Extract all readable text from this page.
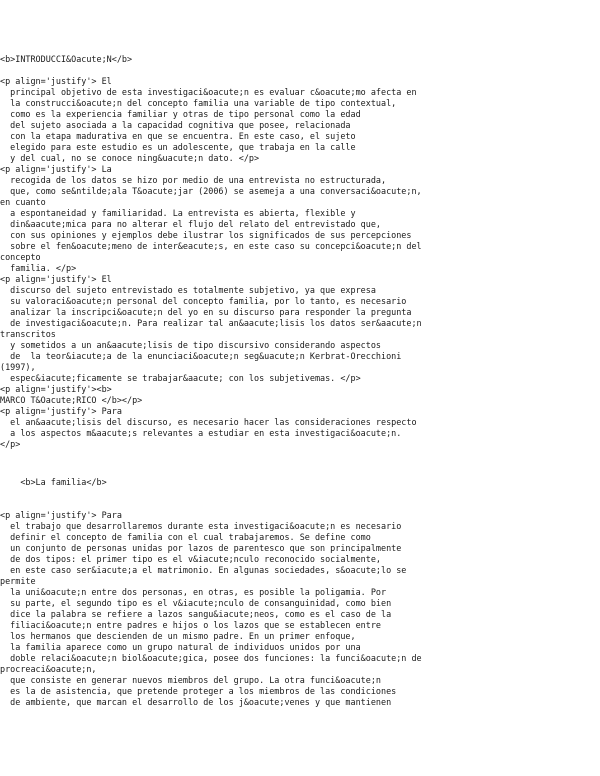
<b>INTRODUCCI&Oacute;N</b>
<p align='justify'> El
principal objetivo de esta investigaci&oacute;n es evaluar c&oacute;mo afecta en
la construcci&oacute;n del concepto familia una variable de tipo contextual,
como es la experiencia familiar y otras de tipo personal como la edad
del sujeto asociada a la capacidad cognitiva que posee, relacionada
con la etapa madurativa en que se encuentra. En este caso, el sujeto
elegido para este estudio es un adolescente, que trabaja en la calle
y del cual, no se conoce ning&uacute;n dato. </p>
<p align='justify'> La
recogida de los datos se hizo por medio de una entrevista no estructurada,
que, como se&ntilde;ala T&oacute;jar (2006) se asemeja a una conversaci&oacute;n,
en cuanto
a espontaneidad y familiaridad. La entrevista es abierta, flexible y
din&aacute;mica para no alterar el flujo del relato del entrevistado que,
con sus opiniones y ejemplos debe ilustrar los significados de sus percepciones
sobre el fen&oacute;meno de inter&eacute;s, en este caso su concepci&oacute;n del
concepto
familia. </p>
<p align='justify'> El
discurso del sujeto entrevistado es totalmente subjetivo, ya que expresa
su valoraci&oacute;n personal del concepto familia, por lo tanto, es necesario
analizar la inscripci&oacute;n del yo en su discurso para responder la pregunta
de investigaci&oacute;n. Para realizar tal an&aacute;lisis los datos ser&aacute;n
transcritos
y sometidos a un an&aacute;lisis de tipo discursivo considerando aspectos
de  la teor&iacute;a de la enunciaci&oacute;n seg&uacute;n Kerbrat-Orecchioni
(1997),
espec&iacute;ficamente se trabajar&aacute; con los subjetivemas. </p>
<p align='justify'><b>
MARCO T&Oacute;RICO </b></p>
<p align='justify'> Para
el an&aacute;lisis del discurso, es necesario hacer las consideraciones respecto
a los aspectos m&aacute;s relevantes a estudiar en esta investigaci&oacute;n.
</p>
<b>La familia</b>
<p align='justify'> Para
el trabajo que desarrollaremos durante esta investigaci&oacute;n es necesario
definir el concepto de familia con el cual trabajaremos. Se define como
un conjunto de personas unidas por lazos de parentesco que son principalmente
de dos tipos: el primer tipo es el v&iacute;nculo reconocido socialmente,
en este caso ser&iacute;a el matrimonio. En algunas sociedades, s&oacute;lo se
permite
la uni&oacute;n entre dos personas, en otras, es posible la poligamia. Por
su parte, el segundo tipo es el v&iacute;nculo de consanguinidad, como bien
dice la palabra se refiere a lazos sangu&iacute;neos, como es el caso de la
filiaci&oacute;n entre padres e hijos o los lazos que se establecen entre
los hermanos que descienden de un mismo padre. En un primer enfoque,
la familia aparece como un grupo natural de individuos unidos por una
doble relaci&oacute;n biol&oacute;gica, posee dos funciones: la funci&oacute;n de
procreaci&oacute;n,
que consiste en generar nuevos miembros del grupo. La otra funci&oacute;n
es la de asistencia, que pretende proteger a los miembros de las condiciones
de ambiente, que marcan el desarrollo de los j&oacute;venes y que mantienen
